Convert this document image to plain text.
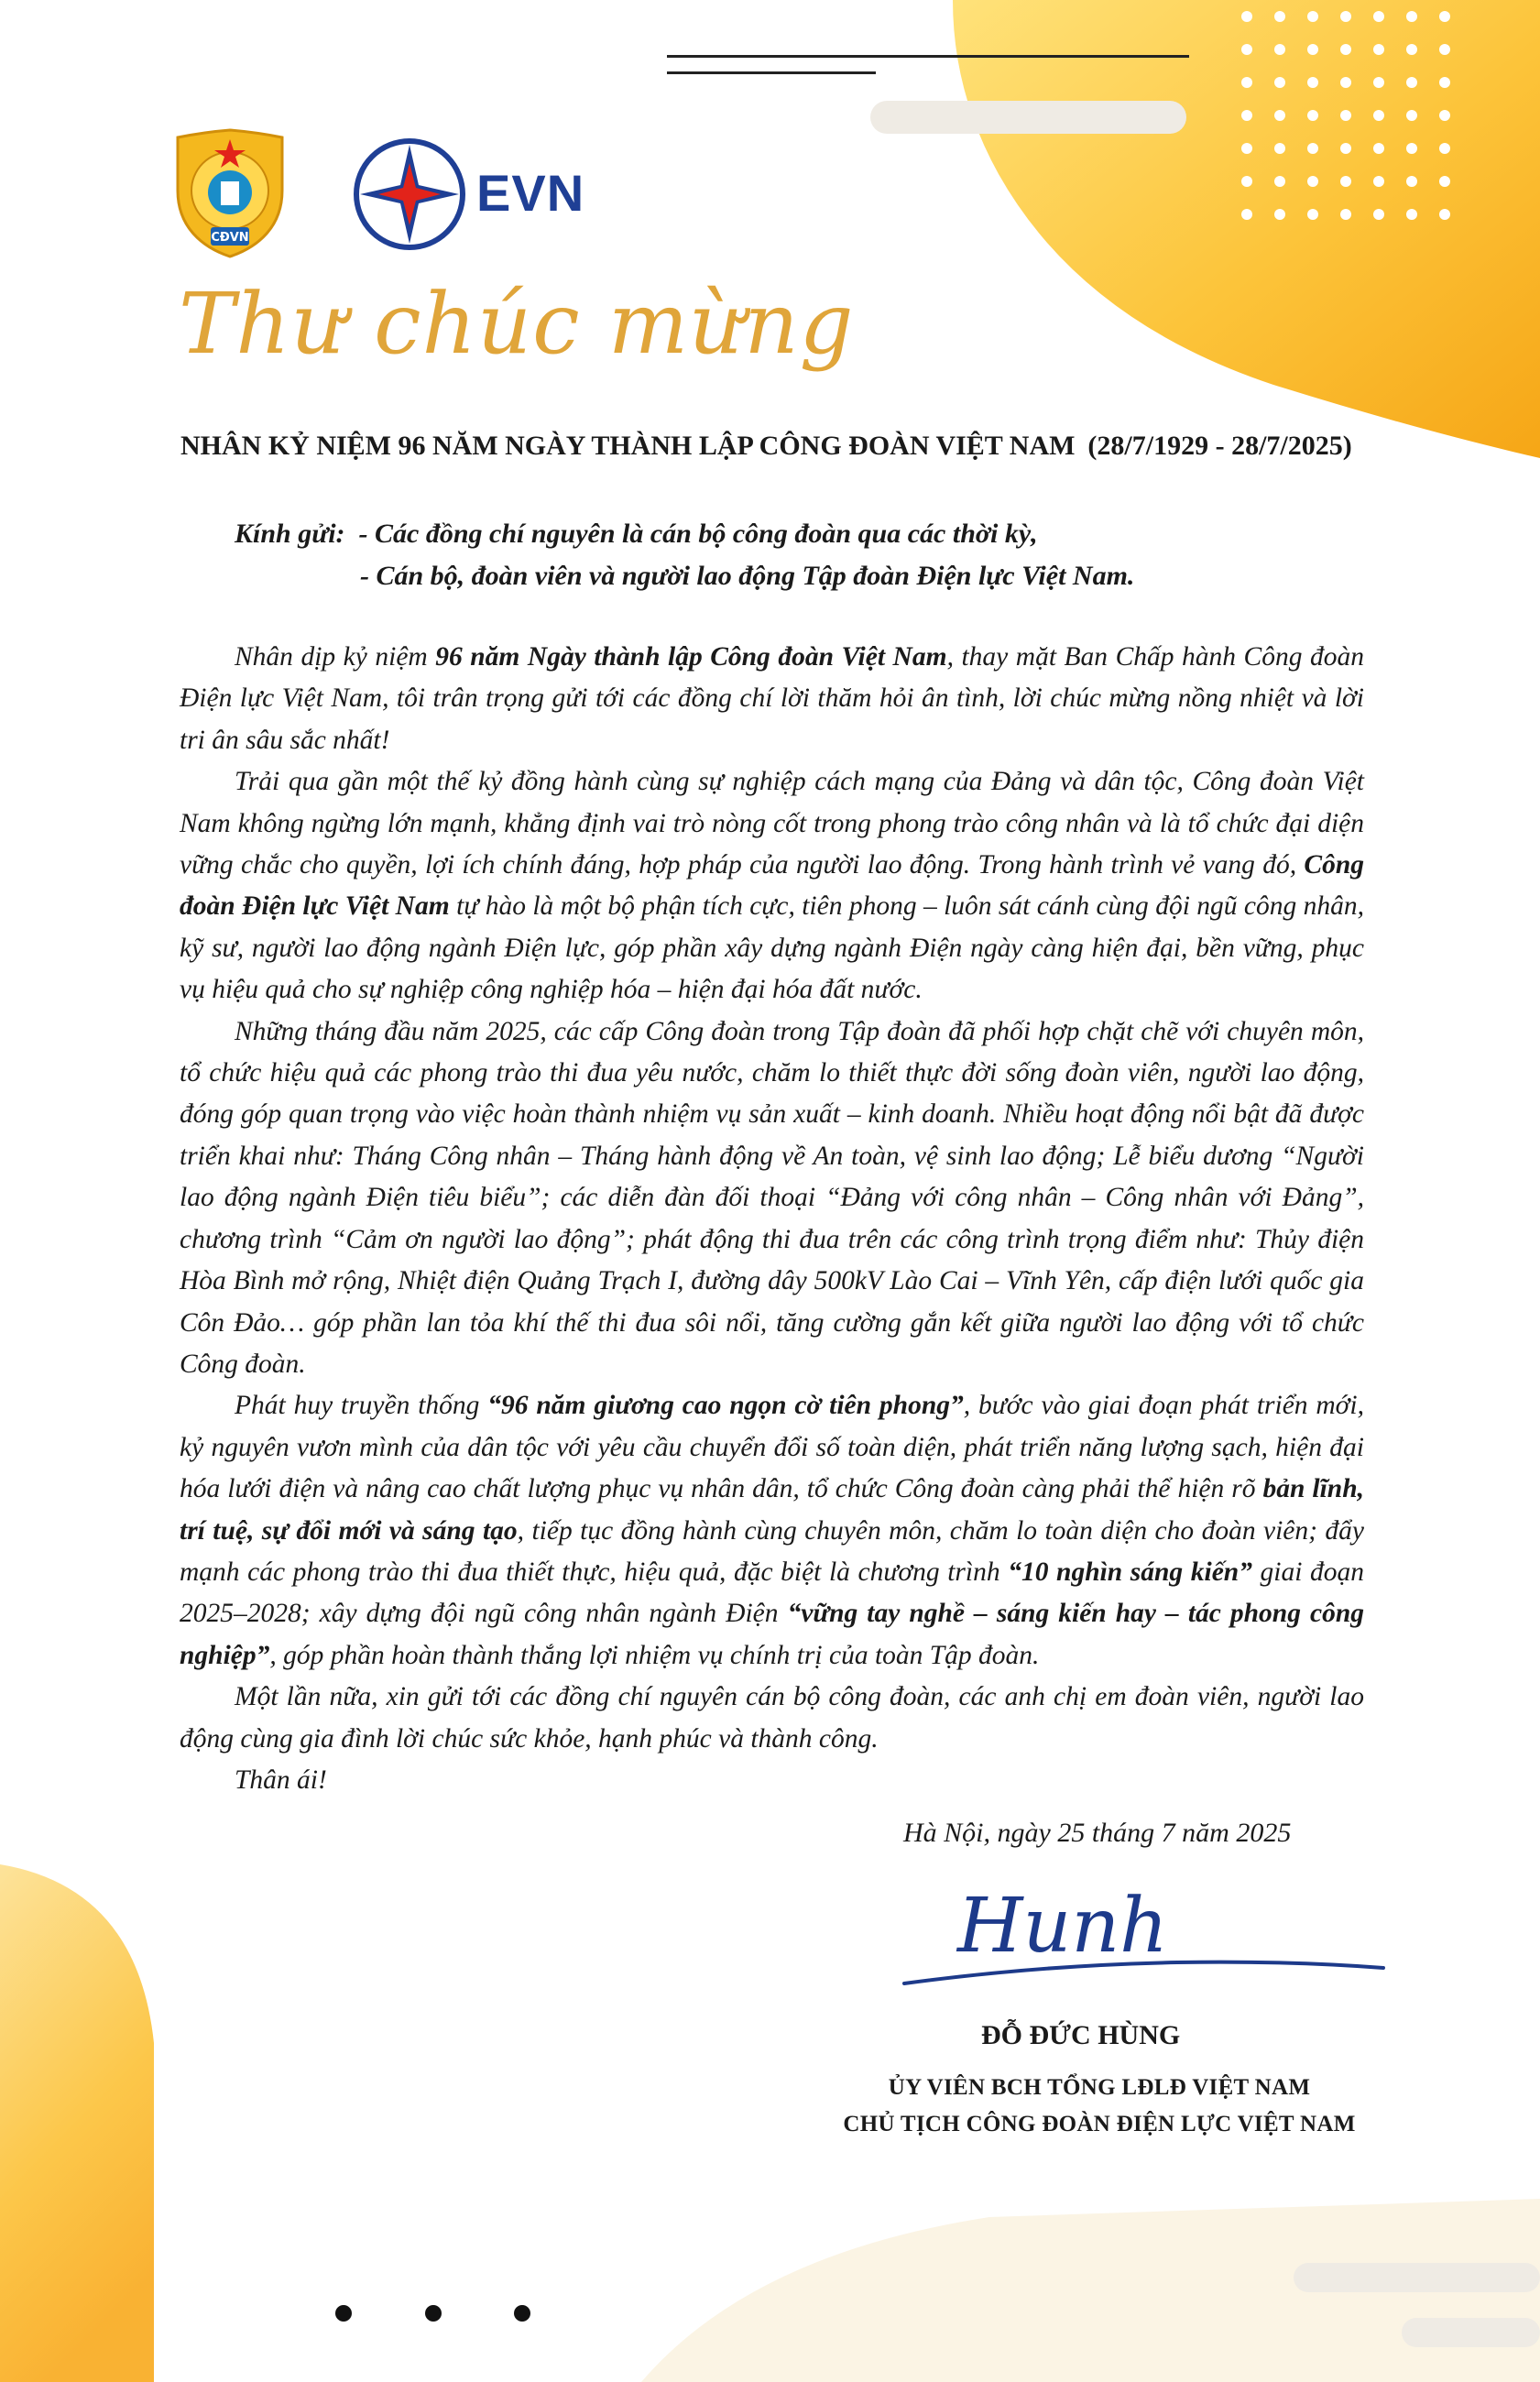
CĐVN
EVN
Thư chúc mừng
NHÂN KỶ NIỆM 96 NĂM NGÀY THÀNH LẬP CÔNG ĐOÀN VIỆT NAM (28/7/1929 - 28/7/2025)
Kính gửi: - Các đồng chí nguyên là cán bộ công đoàn qua các thời kỳ,
- Cán bộ, đoàn viên và người lao động Tập đoàn Điện lực Việt Nam.

Nhân dịp kỷ niệm 96 năm Ngày thành lập Công đoàn Việt Nam, thay mặt Ban Chấp hành Công đoàn Điện lực Việt Nam, tôi trân trọng gửi tới các đồng chí lời thăm hỏi ân tình, lời chúc mừng nồng nhiệt và lời tri ân sâu sắc nhất!

Trải qua gần một thế kỷ đồng hành cùng sự nghiệp cách mạng của Đảng và dân tộc, Công đoàn Việt Nam không ngừng lớn mạnh, khẳng định vai trò nòng cốt trong phong trào công nhân và là tổ chức đại diện vững chắc cho quyền, lợi ích chính đáng, hợp pháp của người lao động. Trong hành trình vẻ vang đó, Công đoàn Điện lực Việt Nam tự hào là một bộ phận tích cực, tiên phong – luôn sát cánh cùng đội ngũ công nhân, kỹ sư, người lao động ngành Điện lực, góp phần xây dựng ngành Điện ngày càng hiện đại, bền vững, phục vụ hiệu quả cho sự nghiệp công nghiệp hóa – hiện đại hóa đất nước.

Những tháng đầu năm 2025, các cấp Công đoàn trong Tập đoàn đã phối hợp chặt chẽ với chuyên môn, tổ chức hiệu quả các phong trào thi đua yêu nước, chăm lo thiết thực đời sống đoàn viên, người lao động, đóng góp quan trọng vào việc hoàn thành nhiệm vụ sản xuất – kinh doanh. Nhiều hoạt động nổi bật đã được triển khai như: Tháng Công nhân – Tháng hành động về An toàn, vệ sinh lao động; Lễ biểu dương “Người lao động ngành Điện tiêu biểu”; các diễn đàn đối thoại “Đảng với công nhân – Công nhân với Đảng”, chương trình “Cảm ơn người lao động”; phát động thi đua trên các công trình trọng điểm như: Thủy điện Hòa Bình mở rộng, Nhiệt điện Quảng Trạch I, đường dây 500kV Lào Cai – Vĩnh Yên, cấp điện lưới quốc gia Côn Đảo… góp phần lan tỏa khí thế thi đua sôi nổi, tăng cường gắn kết giữa người lao động với tổ chức Công đoàn.

Phát huy truyền thống “96 năm giương cao ngọn cờ tiên phong”, bước vào giai đoạn phát triển mới, kỷ nguyên vươn mình của dân tộc với yêu cầu chuyển đổi số toàn diện, phát triển năng lượng sạch, hiện đại hóa lưới điện và nâng cao chất lượng phục vụ nhân dân, tổ chức Công đoàn càng phải thể hiện rõ bản lĩnh, trí tuệ, sự đổi mới và sáng tạo, tiếp tục đồng hành cùng chuyên môn, chăm lo toàn diện cho đoàn viên; đẩy mạnh các phong trào thi đua thiết thực, hiệu quả, đặc biệt là chương trình “10 nghìn sáng kiến” giai đoạn 2025–2028; xây dựng đội ngũ công nhân ngành Điện “vững tay nghề – sáng kiến hay – tác phong công nghiệp”, góp phần hoàn thành thắng lợi nhiệm vụ chính trị của toàn Tập đoàn.

Một lần nữa, xin gửi tới các đồng chí nguyên cán bộ công đoàn, các anh chị em đoàn viên, người lao động cùng gia đình lời chúc sức khỏe, hạnh phúc và thành công.

Thân ái!

Hà Nội, ngày 25 tháng 7 năm 2025
Hunh
ĐỖ ĐỨC HÙNG
ỦY VIÊN BCH TỔNG LĐLĐ VIỆT NAM
CHỦ TỊCH CÔNG ĐOÀN ĐIỆN LỰC VIỆT NAM
